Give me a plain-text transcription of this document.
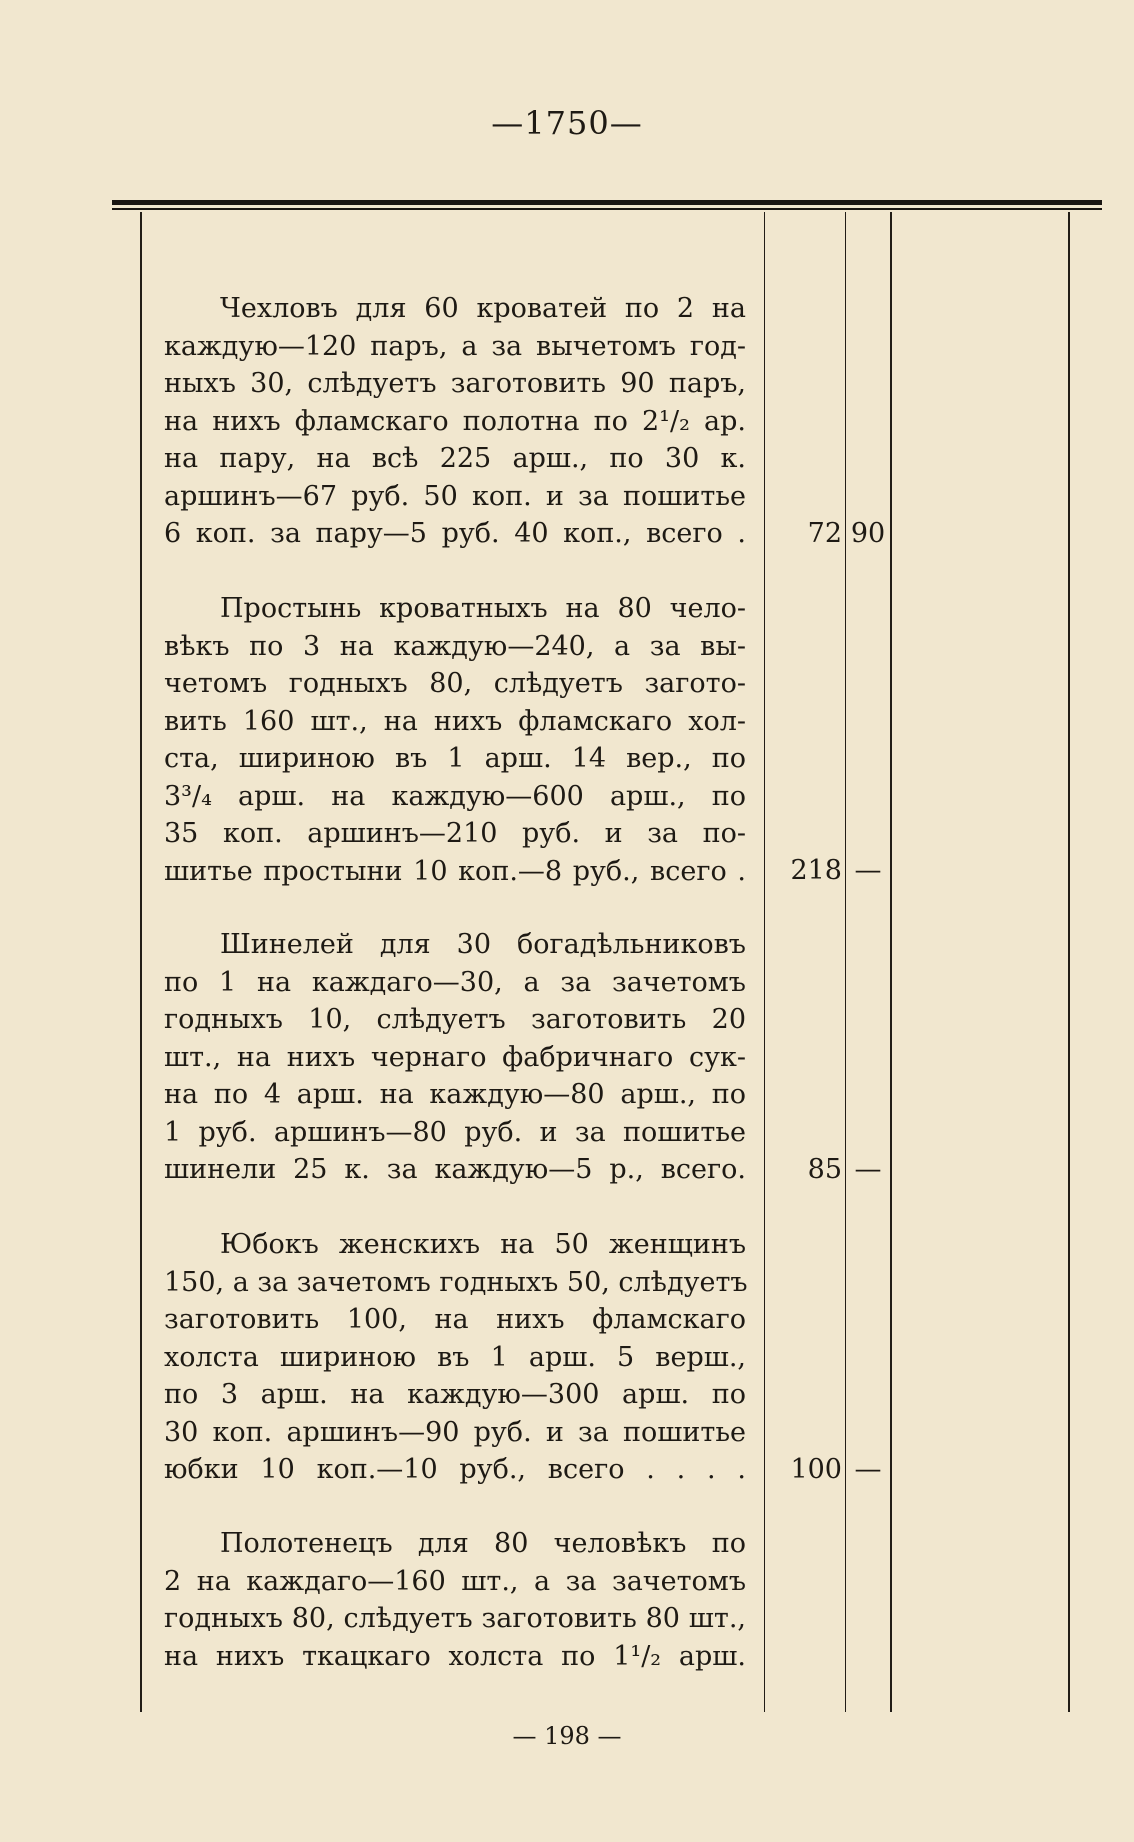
—1750—
Чехловъ для 60 кроватей по 2 на
каждую—120 паръ, а за вычетомъ год-
ныхъ 30, слѣдуетъ заготовить 90 паръ,
на нихъ фламскаго полотна по 2¹/₂ ар.
на пару, на всѣ 225 арш., по 30 к.
аршинъ—67 руб. 50 коп. и за пошитье
6 коп. за пару—5 руб. 40 коп., всего .	72 90
Простынь кроватныхъ на 80 чело-
вѣкъ по 3 на каждую—240, а за вы-
четомъ годныхъ 80, слѣдуетъ загото-
вить 160 шт., на нихъ фламскаго хол-
ста, шириною въ 1 арш. 14 вер., по
3³/₄ арш. на каждую—600 арш., по
35 коп. аршинъ—210 руб. и за по-
шитье простыни 10 коп.—8 руб., всего .	218 —
Шинелей для 30 богадѣльниковъ
по 1 на каждаго—30, а за зачетомъ
годныхъ 10, слѣдуетъ заготовить 20
шт., на нихъ чернаго фабричнаго сук-
на по 4 арш. на каждую—80 арш., по
1 руб. аршинъ—80 руб. и за пошитье
шинели 25 к. за каждую—5 р., всего.	85 —
Юбокъ женскихъ на 50 женщинъ
150, а за зачетомъ годныхъ 50, слѣдуетъ
заготовить 100, на нихъ фламскаго
холста шириною въ 1 арш. 5 верш.,
по 3 арш. на каждую—300 арш. по
30 коп. аршинъ—90 руб. и за пошитье
юбки 10 коп.—10 руб., всего . . . .	100 —
Полотенецъ для 80 человѣкъ по
2 на каждаго—160 шт., а за зачетомъ
годныхъ 80, слѣдуетъ заготовить 80 шт.,
на нихъ ткацкаго холста по 1¹/₂ арш.
— 198 —
